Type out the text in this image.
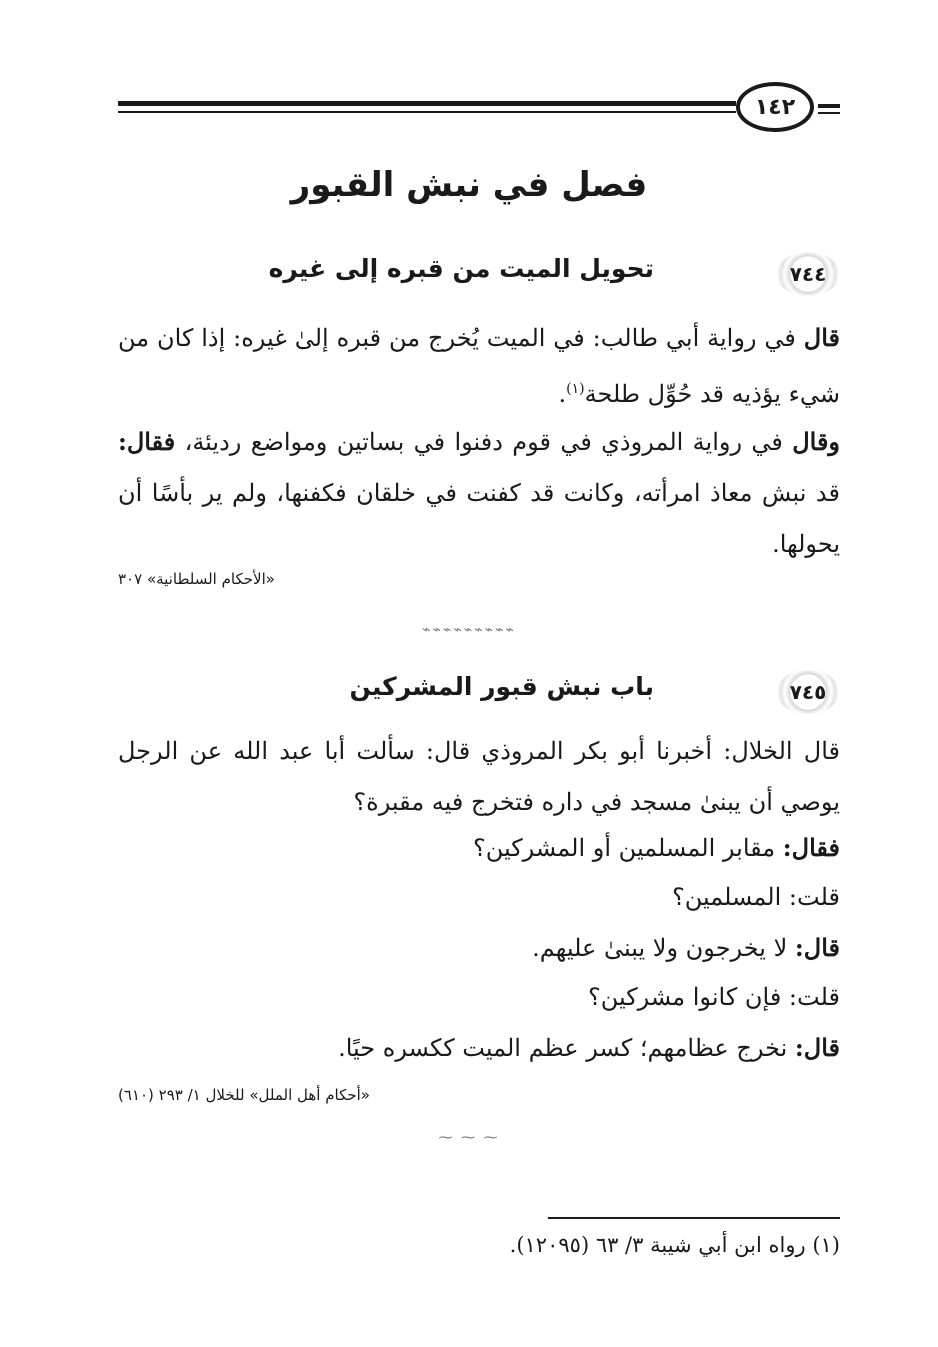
١٤٢
فصل في نبش القبور
٧٤٤
تحويل الميت من قبره إلى غيره

قال في رواية أبي طالب: في الميت يُخرج من قبره إلىٰ غيره: إذا كان من شيء يؤذيه قد حُوِّل طلحة$^{(١)}$.

وقال في رواية المروذي في قوم دفنوا في بساتين ومواضع رديئة، فقال: قد نبش معاذ امرأته، وكانت قد كفنت في خلقان فكفنها، ولم ير بأسًا أن يحولها.

«الأحكام السلطانية» ٣٠٧
⌁⌁⌁⌁⌁⌁⌁⌁⌁
٧٤٥
باب نبش قبور المشركين

قال الخلال: أخبرنا أبو بكر المروذي قال: سألت أبا عبد الله عن الرجل يوصي أن يبنىٰ مسجد في داره فتخرج فيه مقبرة؟

فقال: مقابر المسلمين أو المشركين؟

قلت: المسلمين؟

قال: لا يخرجون ولا يبنىٰ عليهم.

قلت: فإن كانوا مشركين؟

قال: نخرج عظامهم؛ كسر عظم الميت ككسره حيًا.

«أحكام أهل الملل» للخلال ١/ ٢٩٣ (٦١٠)
⁓ ⁓ ⁓
(١) رواه ابن أبي شيبة ٣/ ٦٣ (١٢٠٩٥).
